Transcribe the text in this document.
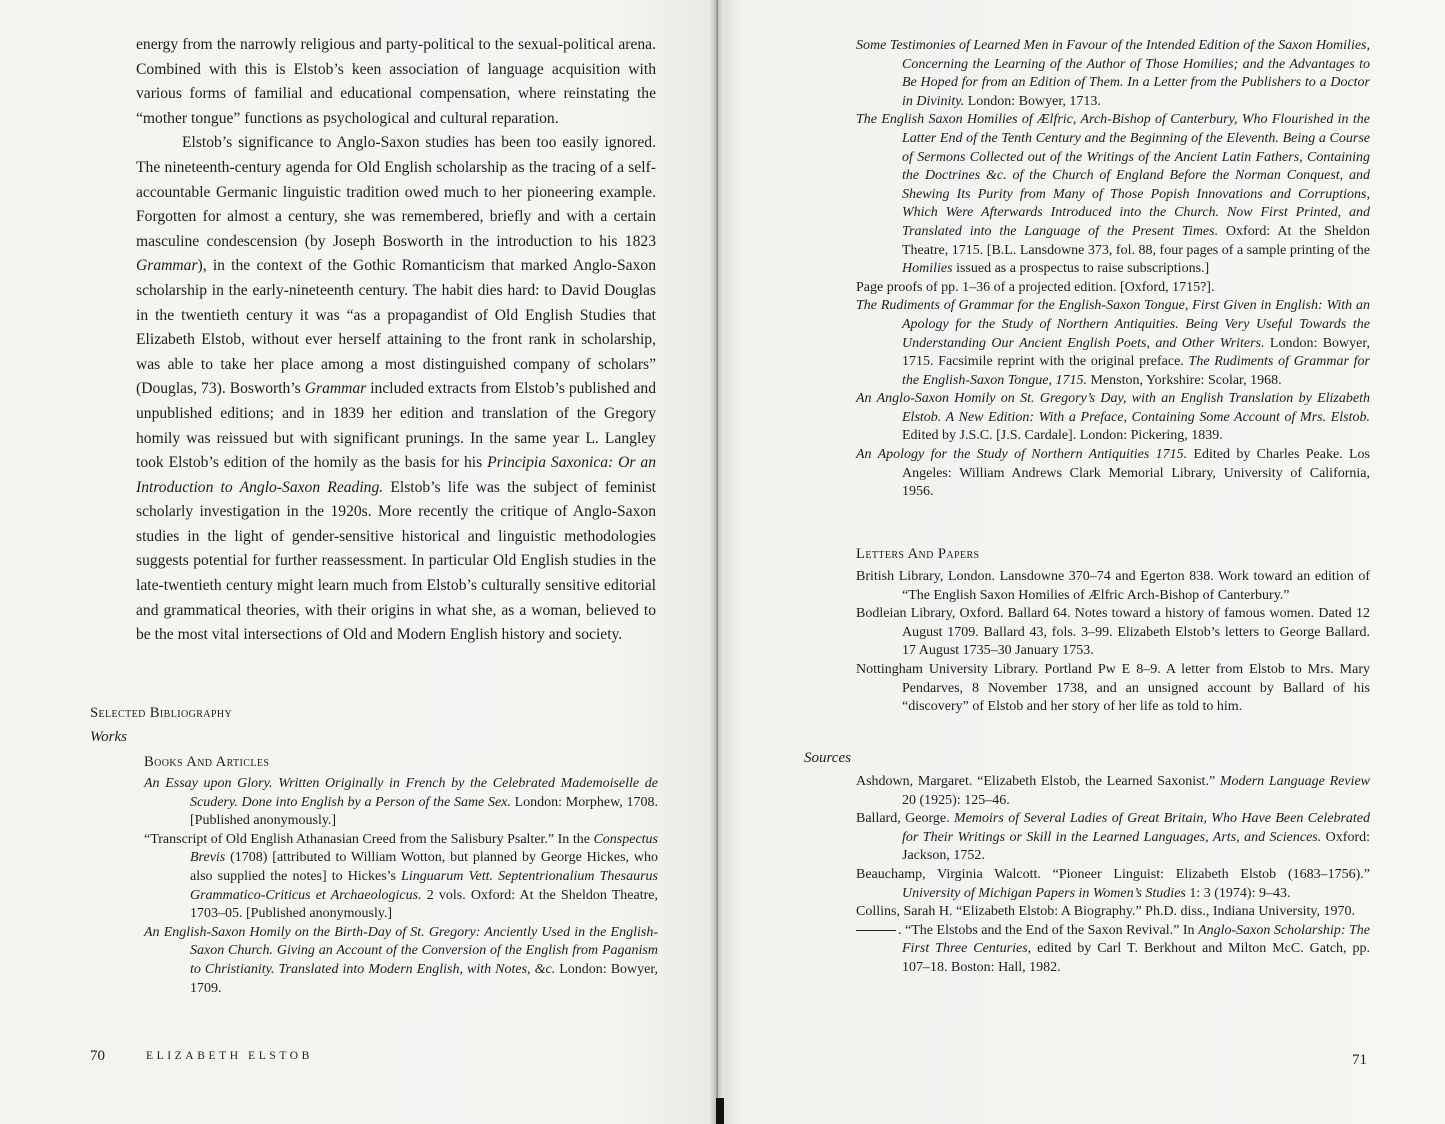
energy from the narrowly religious and party-political to the sexual-political arena. Combined with this is Elstob’s keen association of language acquisition with various forms of familial and educational compensation, where reinstating the “mother tongue” functions as psychological and cultural reparation.

Elstob’s significance to Anglo-Saxon studies has been too easily ignored. The nineteenth-century agenda for Old English scholarship as the tracing of a self-accountable Germanic linguistic tradition owed much to her pioneering example. Forgotten for almost a century, she was remembered, briefly and with a certain masculine condescension (by Joseph Bosworth in the introduction to his 1823 Grammar), in the context of the Gothic Romanticism that marked Anglo-Saxon scholarship in the early-nineteenth century. The habit dies hard: to David Douglas in the twentieth century it was “as a propagandist of Old English Studies that Elizabeth Elstob, without ever herself attaining to the front rank in scholarship, was able to take her place among a most distinguished company of scholars” (Douglas, 73). Bosworth’s Grammar included extracts from Elstob’s published and unpublished editions; and in 1839 her edition and translation of the Gregory homily was reissued but with significant prunings. In the same year L. Langley took Elstob’s edition of the homily as the basis for his Principia Saxonica: Or an Introduction to Anglo-Saxon Reading. Elstob’s life was the subject of feminist scholarly investigation in the 1920s. More recently the critique of Anglo-Saxon studies in the light of gender-sensitive historical and linguistic methodologies suggests potential for further reassessment. In particular Old English studies in the late-twentieth century might learn much from Elstob’s culturally sensitive editorial and grammatical theories, with their origins in what she, as a woman, believed to be the most vital intersections of Old and Modern English history and society.

Selected Bibliography
Works
Books And Articles
An Essay upon Glory. Written Originally in French by the Celebrated Mademoiselle de Scudery. Done into English by a Person of the Same Sex. London: Morphew, 1708. [Published anonymously.]
“Transcript of Old English Athanasian Creed from the Salisbury Psalter.” In the Conspectus Brevis (1708) [attributed to William Wotton, but planned by George Hickes, who also supplied the notes] to Hickes’s Linguarum Vett. Septentrionalium Thesaurus Grammatico-Criticus et Archaeologicus. 2 vols. Oxford: At the Sheldon Theatre, 1703–05. [Published anonymously.]
An English-Saxon Homily on the Birth-Day of St. Gregory: Anciently Used in the English-Saxon Church. Giving an Account of the Conversion of the English from Paganism to Christianity. Translated into Modern English, with Notes, &c. London: Bowyer, 1709.
70	ELIZABETH ELSTOB
Some Testimonies of Learned Men in Favour of the Intended Edition of the Saxon Homilies, Concerning the Learning of the Author of Those Homilies; and the Advantages to Be Hoped for from an Edition of Them. In a Letter from the Publishers to a Doctor in Divinity. London: Bowyer, 1713.
The English Saxon Homilies of Ælfric, Arch-Bishop of Canterbury, Who Flourished in the Latter End of the Tenth Century and the Beginning of the Eleventh. Being a Course of Sermons Collected out of the Writings of the Ancient Latin Fathers, Containing the Doctrines &c. of the Church of England Before the Norman Conquest, and Shewing Its Purity from Many of Those Popish Innovations and Corruptions, Which Were Afterwards Introduced into the Church. Now First Printed, and Translated into the Language of the Present Times. Oxford: At the Sheldon Theatre, 1715. [B.L. Lansdowne 373, fol. 88, four pages of a sample printing of the Homilies issued as a prospectus to raise subscriptions.]
Page proofs of pp. 1–36 of a projected edition. [Oxford, 1715?].
The Rudiments of Grammar for the English-Saxon Tongue, First Given in English: With an Apology for the Study of Northern Antiquities. Being Very Useful Towards the Understanding Our Ancient English Poets, and Other Writers. London: Bowyer, 1715. Facsimile reprint with the original preface. The Rudiments of Grammar for the English-Saxon Tongue, 1715. Menston, Yorkshire: Scolar, 1968.
An Anglo-Saxon Homily on St. Gregory’s Day, with an English Translation by Elizabeth Elstob. A New Edition: With a Preface, Containing Some Account of Mrs. Elstob. Edited by J.S.C. [J.S. Cardale]. London: Pickering, 1839.
An Apology for the Study of Northern Antiquities 1715. Edited by Charles Peake. Los Angeles: William Andrews Clark Memorial Library, University of California, 1956.
Letters And Papers
British Library, London. Lansdowne 370–74 and Egerton 838. Work toward an edition of “The English Saxon Homilies of Ælfric Arch-Bishop of Canterbury.”
Bodleian Library, Oxford. Ballard 64. Notes toward a history of famous women. Dated 12 August 1709. Ballard 43, fols. 3–99. Elizabeth Elstob’s letters to George Ballard. 17 August 1735–30 January 1753.
Nottingham University Library. Portland Pw E 8–9. A letter from Elstob to Mrs. Mary Pendarves, 8 November 1738, and an unsigned account by Ballard of his “discovery” of Elstob and her story of her life as told to him.
Sources
Ashdown, Margaret. “Elizabeth Elstob, the Learned Saxonist.” Modern Language Review 20 (1925): 125–46.
Ballard, George. Memoirs of Several Ladies of Great Britain, Who Have Been Celebrated for Their Writings or Skill in the Learned Languages, Arts, and Sciences. Oxford: Jackson, 1752.
Beauchamp, Virginia Walcott. “Pioneer Linguist: Elizabeth Elstob (1683–1756).” University of Michigan Papers in Women’s Studies 1: 3 (1974): 9–43.
Collins, Sarah H. “Elizabeth Elstob: A Biography.” Ph.D. diss., Indiana University, 1970.
. “The Elstobs and the End of the Saxon Revival.” In Anglo-Saxon Scholarship: The First Three Centuries, edited by Carl T. Berkhout and Milton McC. Gatch, pp. 107–18. Boston: Hall, 1982.
71
